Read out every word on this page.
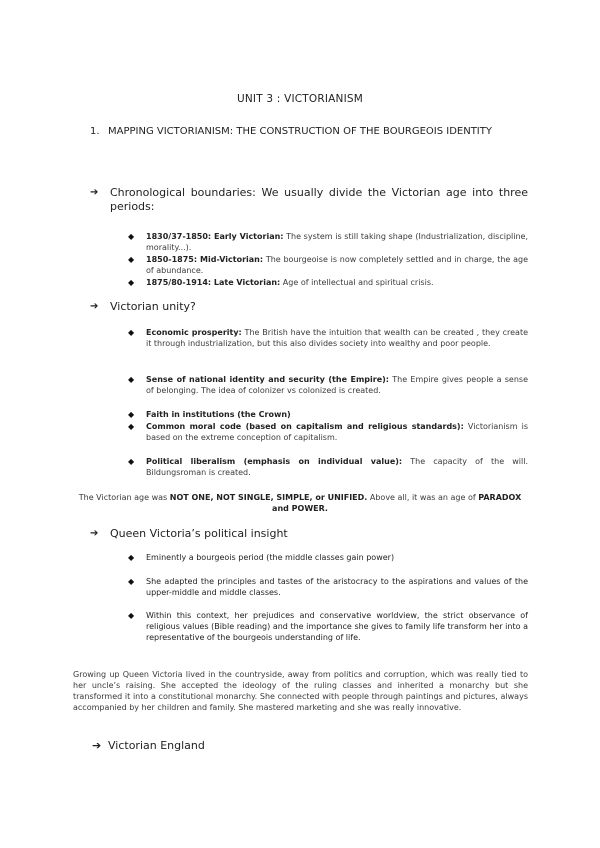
UNIT 3 : VICTORIANISM
1. MAPPING VICTORIANISM: THE CONSTRUCTION OF THE BOURGEOIS IDENTITY
➔ Chronological boundaries: We usually divide the Victorian age into three periods:
◆ 1830/37-1850: Early Victorian: The system is still taking shape (Industrialization, discipline, morality...).
◆ 1850-1875: Mid-Victorian: The bourgeoise is now completely settled and in charge, the age of abundance.
◆ 1875/80-1914: Late Victorian: Age of intellectual and spiritual crisis.
➔ Victorian unity?
◆ Economic prosperity: The British have the intuition that wealth can be created , they create it through industrialization, but this also divides society into wealthy and poor people.
◆ Sense of national identity and security (the Empire): The Empire gives people a sense of belonging. The idea of colonizer vs colonized is created.
◆ Faith in institutions (the Crown)
◆ Common moral code (based on capitalism and religious standards): Victorianism is based on the extreme conception of capitalism.
◆ Political liberalism (emphasis on individual value): The capacity of the will. Bildungsroman is created.
The Victorian age was NOT ONE, NOT SINGLE, SIMPLE, or UNIFIED. Above all, it was an age of PARADOX and POWER.
➔ Queen Victoria’s political insight
◆ Eminently a bourgeois period (the middle classes gain power)
◆ She adapted the principles and tastes of the aristocracy to the aspirations and values of the upper-middle and middle classes.
◆ Within this context, her prejudices and conservative worldview, the strict observance of religious values (Bible reading) and the importance she gives to family life transform her into a representative of the bourgeois understanding of life.
Growing up Queen Victoria lived in the countryside, away from politics and corruption, which was really tied to her uncle’s raising. She accepted the ideology of the ruling classes and inherited a monarchy but she transformed it into a constitutional monarchy. She connected with people through paintings and pictures, always accompanied by her children and family. She mastered marketing and she was really innovative.
➔ Victorian England
